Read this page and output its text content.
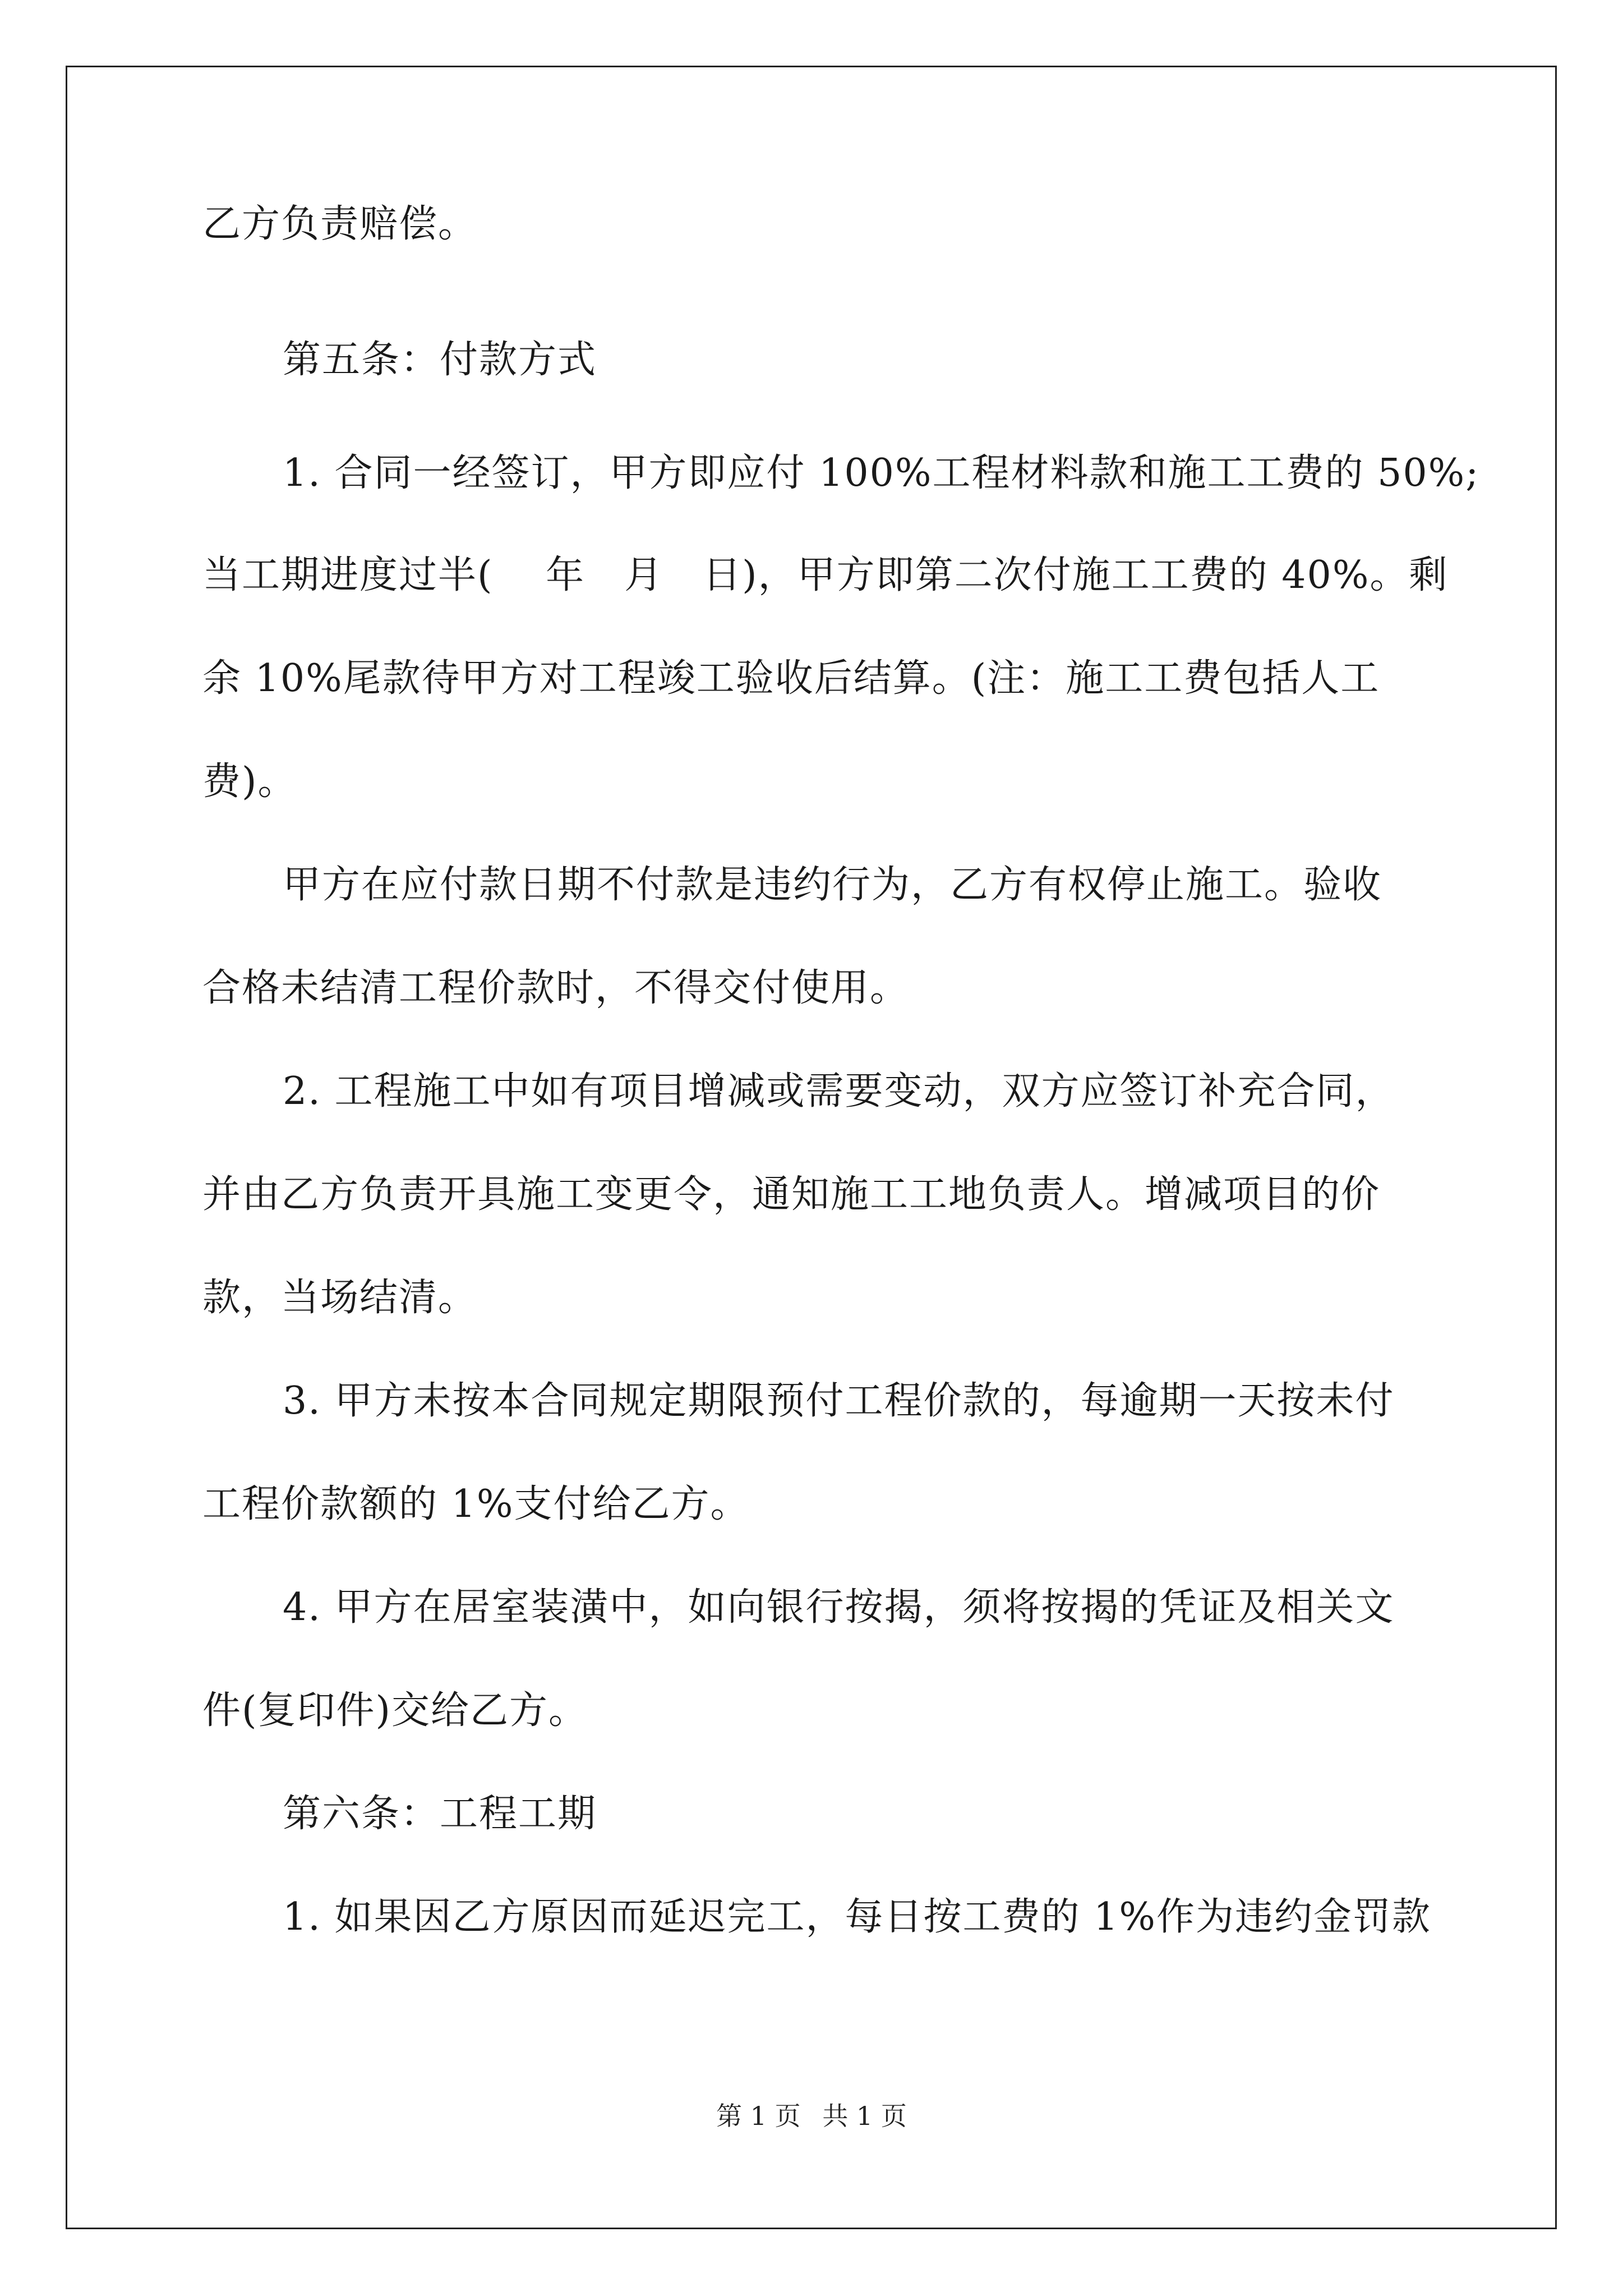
乙方负责赔偿。

第五条：付款方式

1. 合同一经签订，甲方即应付 100%工程材料款和施工工费的 50%;

当工期进度过半(　 年　月　日)，甲方即第二次付施工工费的 40%。剩

余 10%尾款待甲方对工程竣工验收后结算。(注：施工工费包括人工

费)。

甲方在应付款日期不付款是违约行为，乙方有权停止施工。验收

合格未结清工程价款时，不得交付使用。

2. 工程施工中如有项目增减或需要变动，双方应签订补充合同，

并由乙方负责开具施工变更令，通知施工工地负责人。增减项目的价

款，当场结清。

3. 甲方未按本合同规定期限预付工程价款的，每逾期一天按未付

工程价款额的 1%支付给乙方。

4. 甲方在居室装潢中，如向银行按揭，须将按揭的凭证及相关文

件(复印件)交给乙方。

第六条：工程工期

1. 如果因乙方原因而延迟完工，每日按工费的 1%作为违约金罚款

第 1 页 共 1 页
